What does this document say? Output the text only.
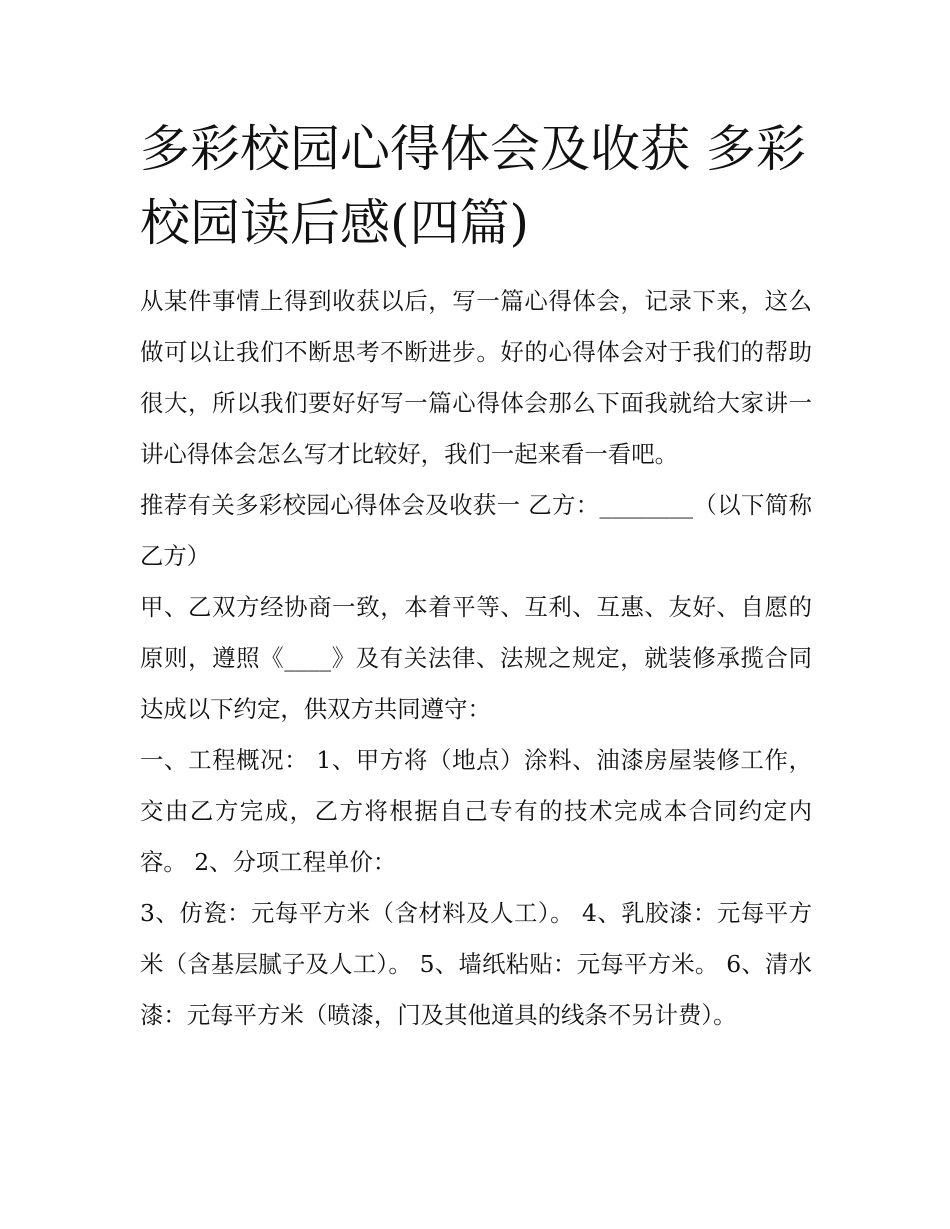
多彩校园心得体会及收获 多彩校园读后感(四篇)

从某件事情上得到收获以后，写一篇心得体会，记录下来，这么做可以让我们不断思考不断进步。好的心得体会对于我们的帮助很大，所以我们要好好写一篇心得体会那么下面我就给大家讲一讲心得体会怎么写才比较好，我们一起来看一看吧。

推荐有关多彩校园心得体会及收获一 乙方：________（以下简称乙方）

甲、乙双方经协商一致，本着平等、互利、互惠、友好、自愿的原则，遵照《____》及有关法律、法规之规定，就装修承揽合同达成以下约定，供双方共同遵守：

一、工程概况： 1、甲方将（地点）涂料、油漆房屋装修工作，交由乙方完成，乙方将根据自己专有的技术完成本合同约定内容。 2、分项工程单价：

3、仿瓷：元每平方米（含材料及人工）。 4、乳胶漆：元每平方米（含基层腻子及人工）。 5、墙纸粘贴：元每平方米。 6、清水漆：元每平方米（喷漆，门及其他道具的线条不另计费）。
